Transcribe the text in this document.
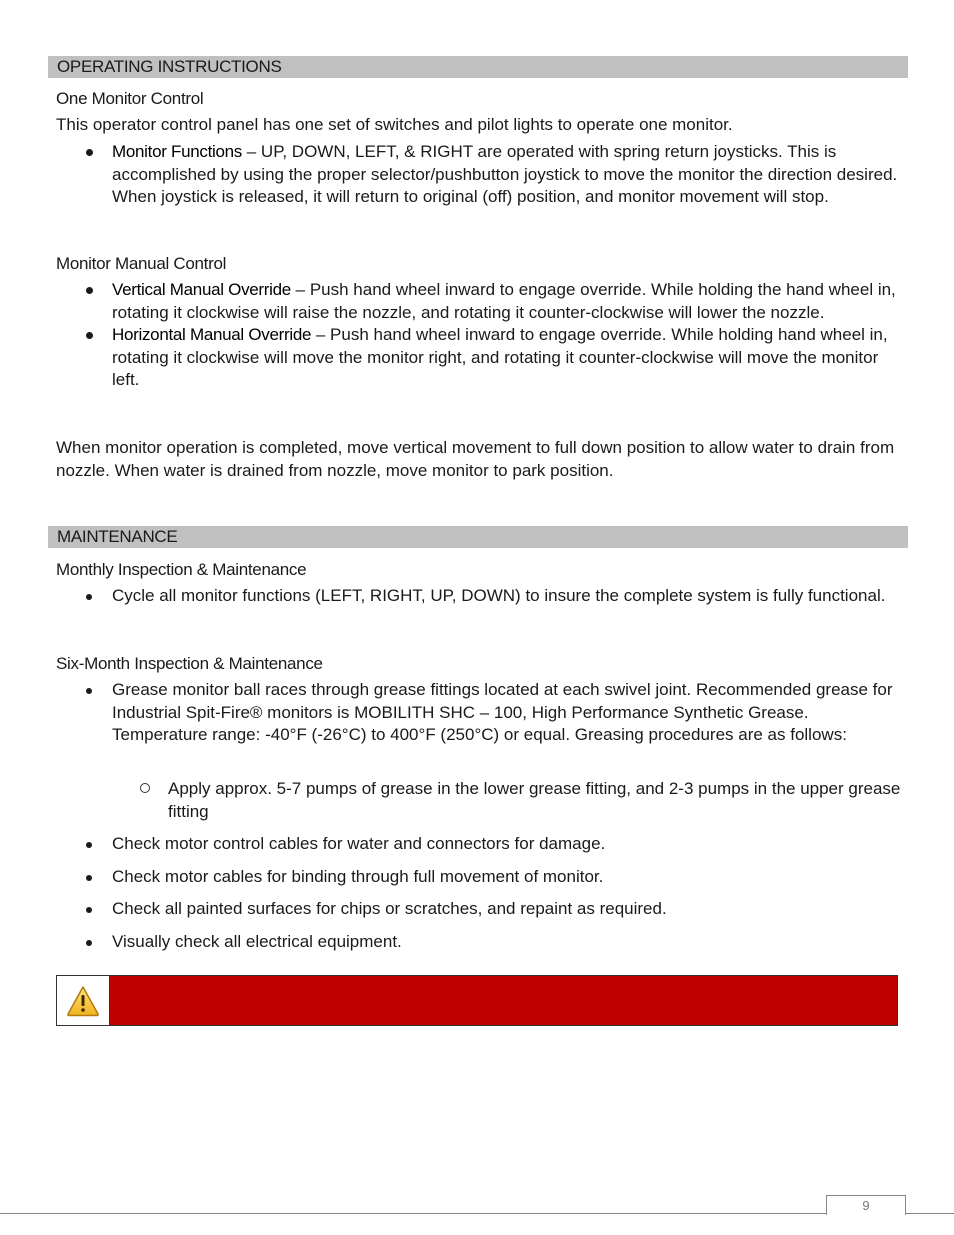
OPERATING INSTRUCTIONS
One Monitor Control

This operator control panel has one set of switches and pilot lights to operate one monitor.

Monitor Functions – UP, DOWN, LEFT, & RIGHT are operated with spring return joysticks. This is accomplished by using the proper selector/pushbutton joystick to move the monitor the direction desired. When joystick is released, it will return to original (off) position, and monitor movement will stop.
Monitor Manual Control
Vertical Manual Override – Push hand wheel inward to engage override. While holding the hand wheel in, rotating it clockwise will raise the nozzle, and rotating it counter-clockwise will lower the nozzle.
Horizontal Manual Override – Push hand wheel inward to engage override. While holding hand wheel in, rotating it clockwise will move the monitor right, and rotating it counter-clockwise will move the monitor left.

When monitor operation is completed, move vertical movement to full down position to allow water to drain from nozzle. When water is drained from nozzle, move monitor to park position.

MAINTENANCE
Monthly Inspection & Maintenance
Cycle all monitor functions (LEFT, RIGHT, UP, DOWN) to insure the complete system is fully functional.
Six-Month Inspection & Maintenance
Grease monitor ball races through grease fittings located at each swivel joint. Recommended grease for Industrial Spit-Fire® monitors is MOBILITH SHC – 100, High Performance Synthetic Grease. Temperature range: -40°F (-26°C) to 400°F (250°C) or equal. Greasing procedures are as follows:
Apply approx. 5-7 pumps of grease in the lower grease fitting, and 2-3 pumps in the upper grease fitting
Check motor control cables for water and connectors for damage.
Check motor cables for binding through full movement of monitor.
Check all painted surfaces for chips or scratches, and repaint as required.
Visually check all electrical equipment.
9
